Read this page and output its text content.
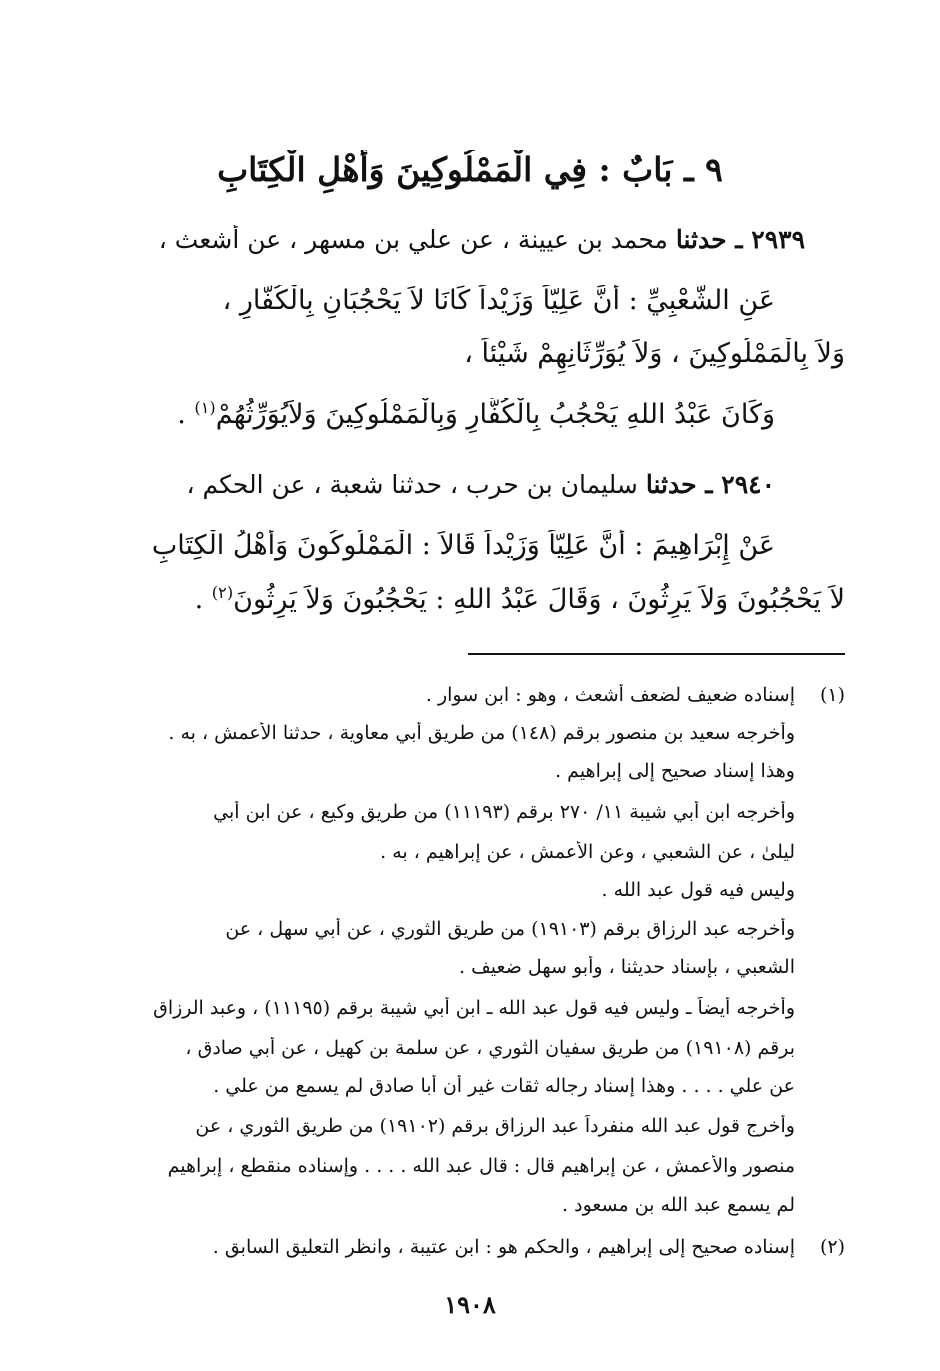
٩ ـ بَابٌ : فِي الْمَمْلُوكِينَ وَأَهْلِ الْكِتَابِ
٢٩٣٩ ـ حدثنا محمد بن عيينة ، عن علي بن مسهر ، عن أشعث ،
عَنِ الشَّعْبِيِّ : أَنَّ عَلِيّاً وَزَيْداً كَانَا لاَ يَحْجُبَانِ بِالْكُفَّارِ ،
وَلاَ بِالْمَمْلُوكِينَ ، وَلاَ يُوَرِّثَانِهِمْ شَيْئاً ،
وَكَانَ عَبْدُ اللهِ يَحْجُبُ بِالْكُفَّارِ وَبِالْمَمْلُوكِينَ وَلاَيُوَرِّثُهُمْ$^{(١)}$ .
٢٩٤٠ ـ حدثنا سليمان بن حرب ، حدثنا شعبة ، عن الحكم ،
عَنْ إِبْرَاهِيمَ : أَنَّ عَلِيّاً وَزَيْداً قَالاَ : الْمَمْلُوكُونَ وَأَهْلُ الْكِتَابِ
لاَ يَحْجُبُونَ وَلاَ يَرِثُونَ ، وَقَالَ عَبْدُ اللهِ : يَحْجُبُونَ وَلاَ يَرِثُونَ$^{(٢)}$ .
(١)
إسناده ضعيف لضعف أشعث ، وهو : ابن سوار .
وأخرجه سعيد بن منصور برقم (١٤٨) من طريق أبي معاوية ، حدثنا الأعمش ، به .
وهذا إسناد صحيح إلى إبراهيم .
وأخرجه ابن أبي شيبة ١١/ ٢٧٠ برقم (١١١٩٣) من طريق وكيع ، عن ابن أبي
ليلىٰ ، عن الشعبي ، وعن الأعمش ، عن إبراهيم ، به .
وليس فيه قول عبد الله .
وأخرجه عبد الرزاق برقم (١٩١٠٣) من طريق الثوري ، عن أبي سهل ، عن
الشعبي ، بإسناد حديثنا ، وأبو سهل ضعيف .
وأخرجه أيضاً ـ وليس فيه قول عبد الله ـ ابن أبي شيبة برقم (١١١٩٥) ، وعبد الرزاق
برقم (١٩١٠٨) من طريق سفيان الثوري ، عن سلمة بن كهيل ، عن أبي صادق ،
عن علي . . . . وهذا إسناد رجاله ثقات غير أن أبا صادق لم يسمع من علي .
وأخرج قول عبد الله منفرداً عبد الرزاق برقم (١٩١٠٢) من طريق الثوري ، عن
منصور والأعمش ، عن إبراهيم قال : قال عبد الله . . . . وإسناده منقطع ، إبراهيم
لم يسمع عبد الله بن مسعود .
(٢)
إسناده صحيح إلى إبراهيم ، والحكم هو : ابن عتيبة ، وانظر التعليق السابق .
١٩٠٨
